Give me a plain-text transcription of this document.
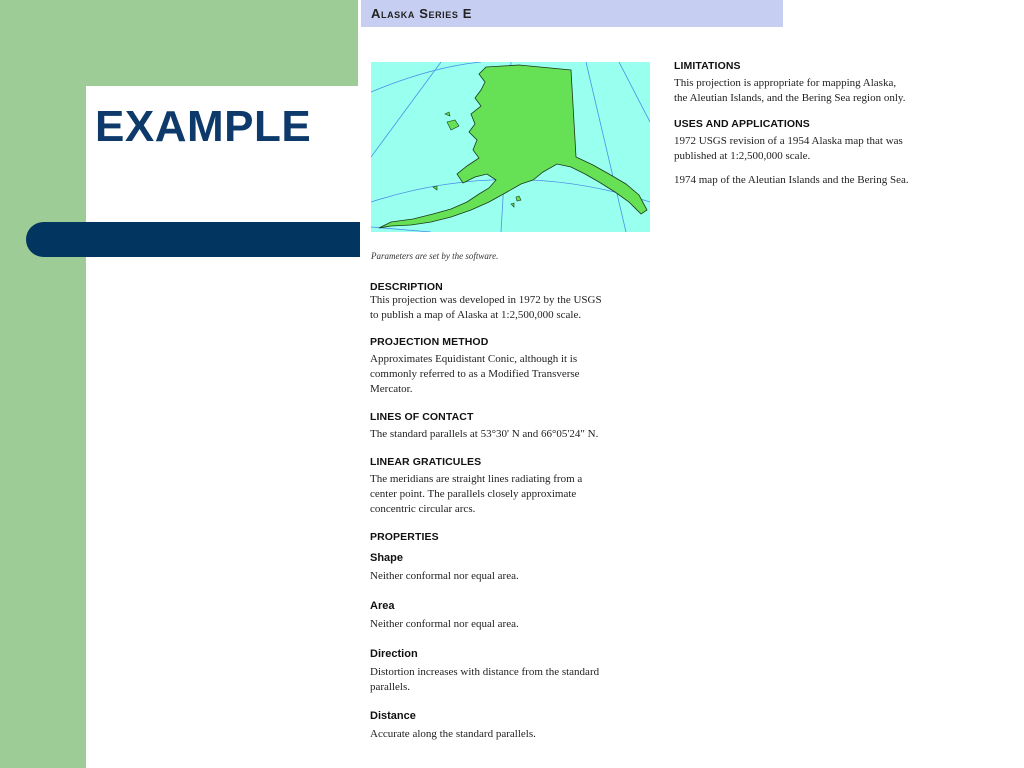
EXAMPLE
Alaska Series E
Parameters are set by the software.
DESCRIPTION

This projection was developed in 1972 by the USGS

to publish a map of Alaska at 1:2,500,000 scale.

PROJECTION METHOD

Approximates Equidistant Conic, although it is

commonly referred to as a Modified Transverse

Mercator.

LINES OF CONTACT

The standard parallels at 53°30' N and 66°05'24" N.

LINEAR GRATICULES

The meridians are straight lines radiating from a

center point. The parallels closely approximate

concentric circular arcs.

PROPERTIES
Shape

Neither conformal nor equal area.

Area

Neither conformal nor equal area.

Direction

Distortion increases with distance from the standard

parallels.

Distance

Accurate along the standard parallels.

LIMITATIONS

This projection is appropriate for mapping Alaska,

the Aleutian Islands, and the Bering Sea region only.

USES AND APPLICATIONS

1972 USGS revision of a 1954 Alaska map that was

published at 1:2,500,000 scale.

1974 map of the Aleutian Islands and the Bering Sea.
